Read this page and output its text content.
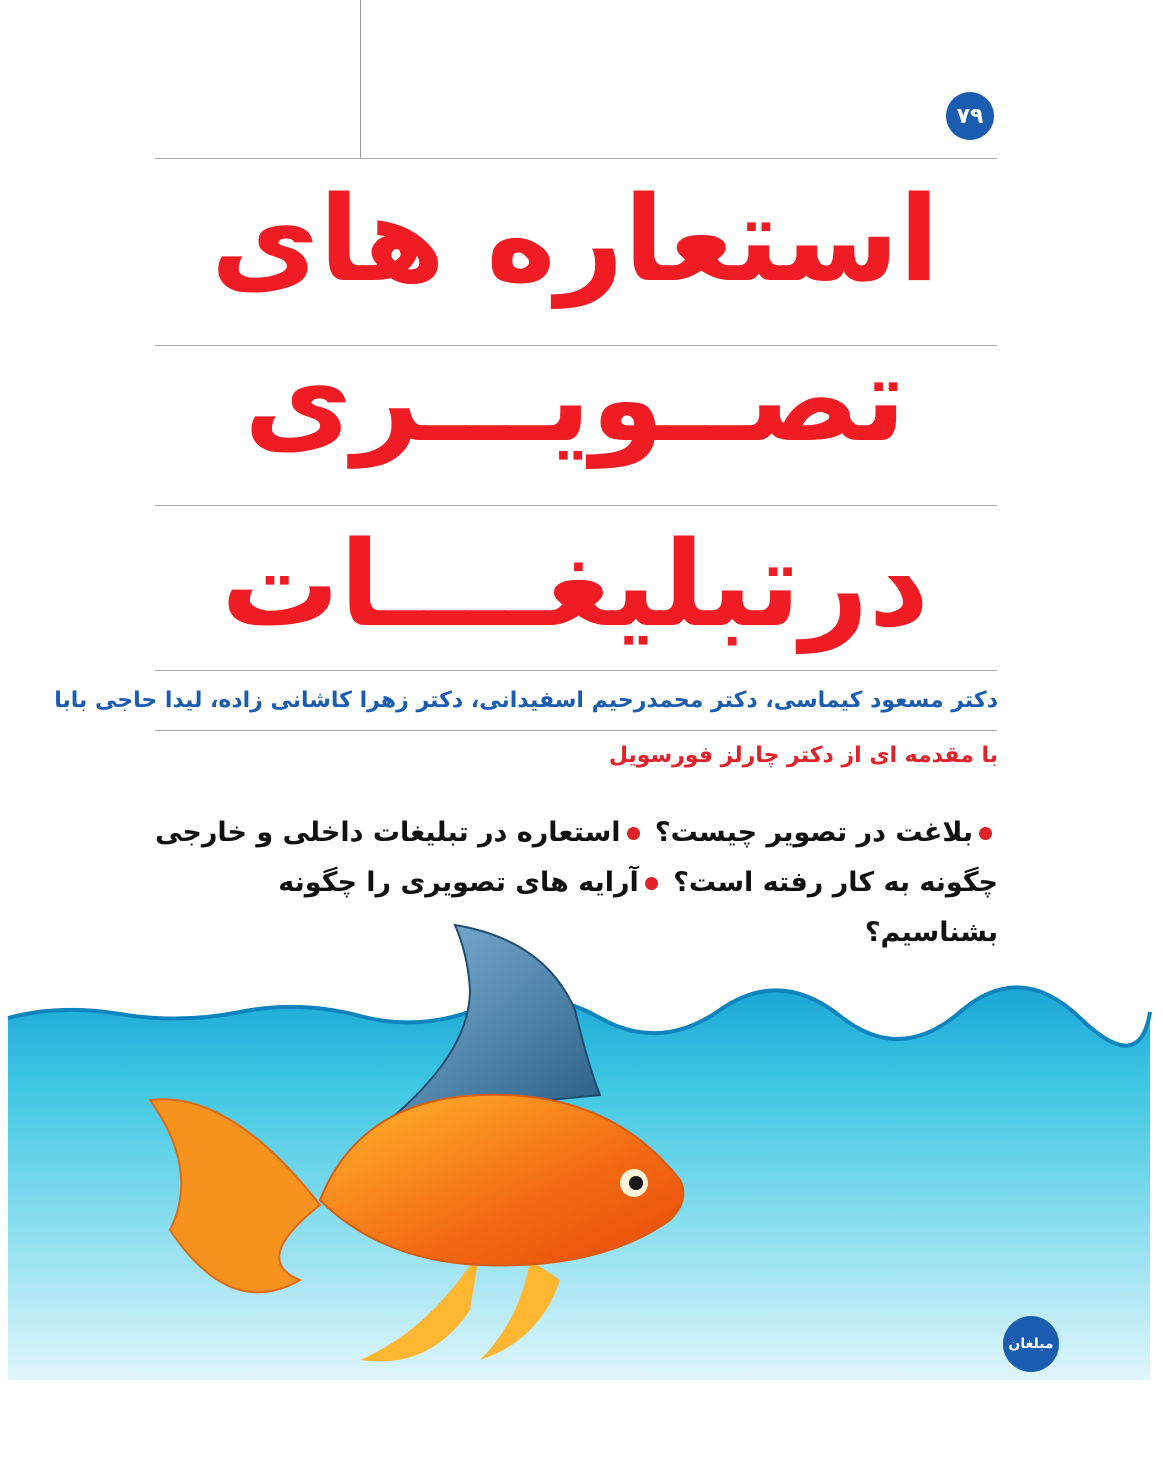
۷۹
استعاره های
تصــویـــری
درتبلیغــــات
دکتر مسعود کیماسی، دکتر محمدرحیم اسفیدانی، دکتر زهرا کاشانی زاده، لیدا حاجی بابا
با مقدمه ای از دکتر چارلز فورسویل
بلاغت در تصویر چیست؟ استعاره در تبلیغات داخلی و خارجی چگونه به کار رفته است؟ آرایه های تصویری را چگونه بشناسیم؟
مبلغان
